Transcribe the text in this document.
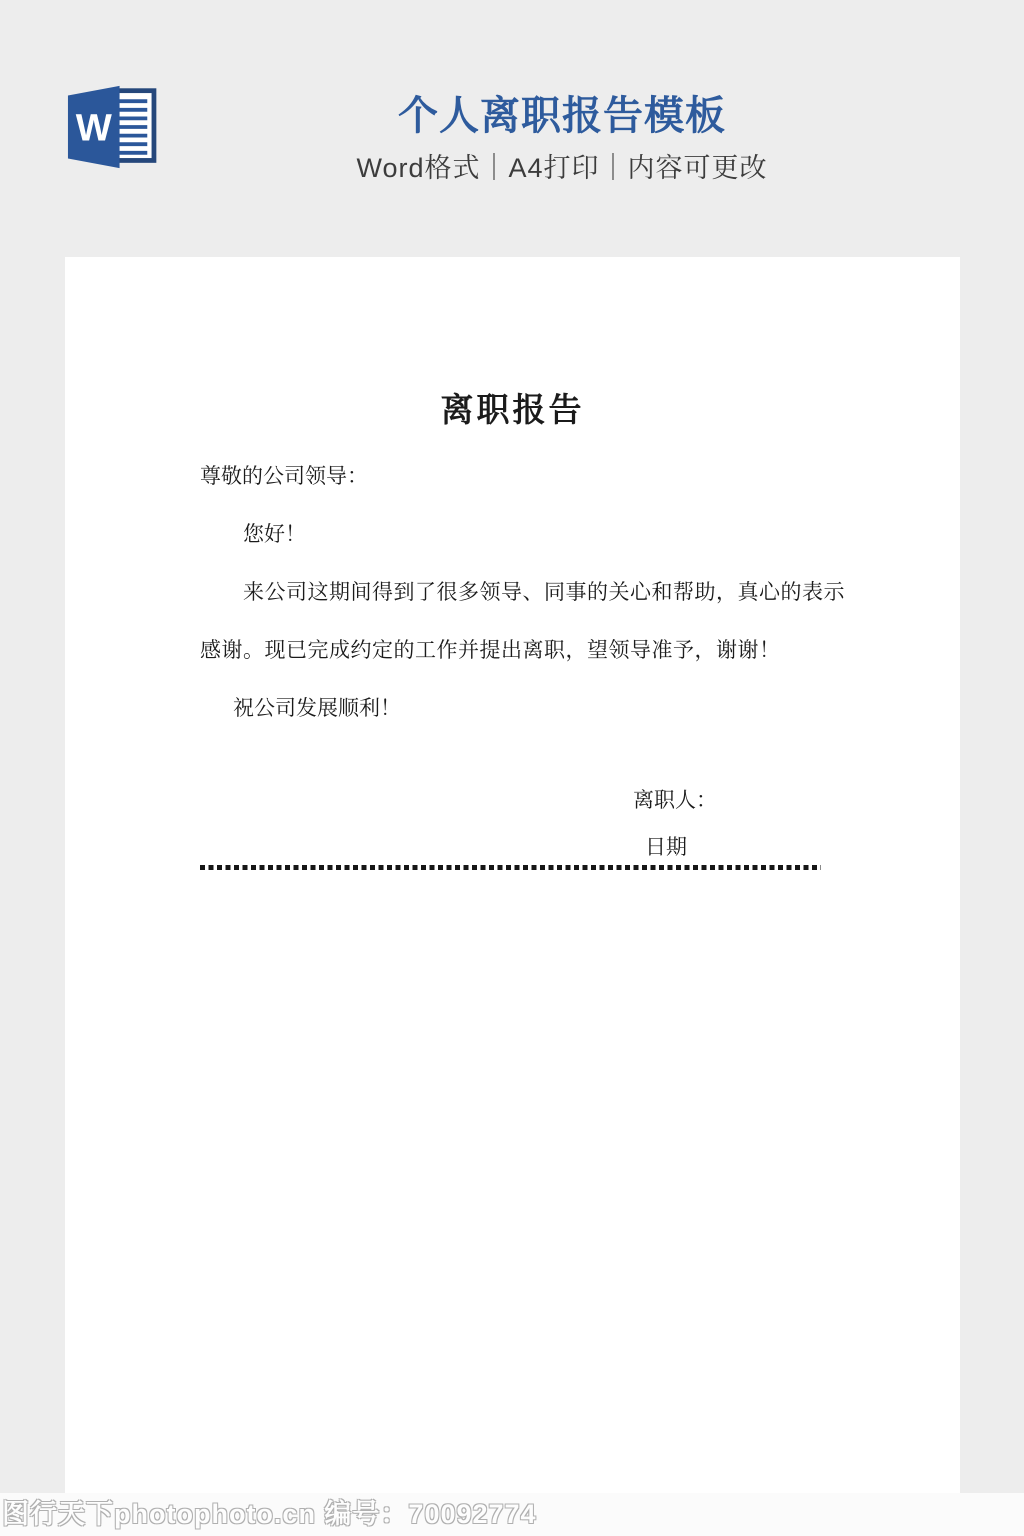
W	个人离职报告模板
Word格式｜A4打印｜内容可更改
离职报告
尊敬的公司领导：
您好！
来公司这期间得到了很多领导、同事的关心和帮助，真心的表示
感谢。现已完成约定的工作并提出离职，望领导准予，谢谢！
祝公司发展顺利！
离职人：
日期
图行天下photophoto.cn 编号：70092774
